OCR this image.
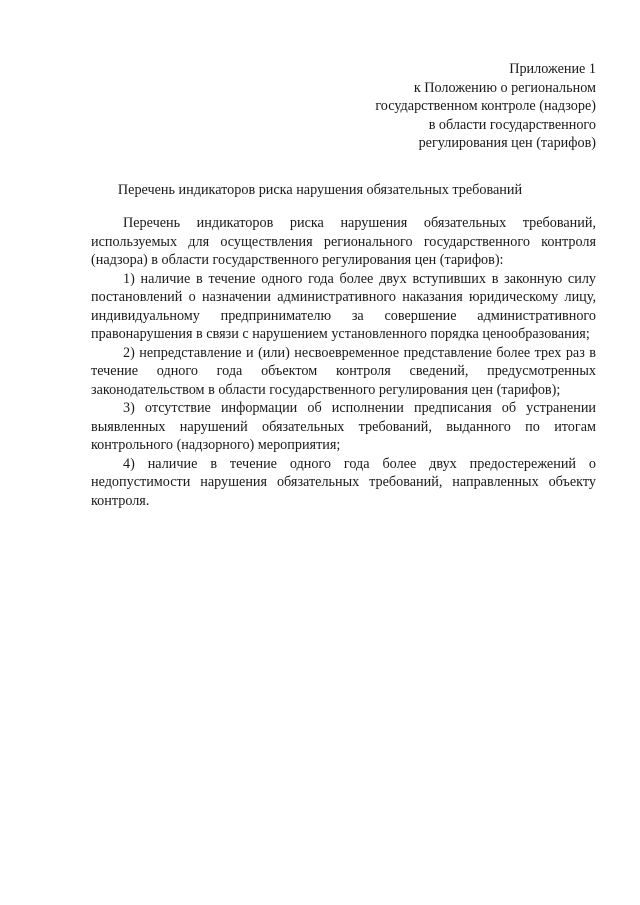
Приложение 1
к Положению о региональном
государственном контроле (надзоре)
в области государственного
регулирования цен (тарифов)
Перечень индикаторов риска нарушения обязательных требований

Перечень индикаторов риска нарушения обязательных требований, используемых для осуществления регионального государственного контроля (надзора) в области государственного регулирования цен (тарифов):

1) наличие в течение одного года более двух вступивших в законную силу постановлений о назначении административного наказания юридическому лицу, индивидуальному предпринимателю за совершение административного правонарушения в связи с нарушением установленного порядка ценообразования;

2) непредставление и (или) несвоевременное представление более трех раз в течение одного года объектом контроля сведений, предусмотренных законодательством в области государственного регулирования цен (тарифов);

3) отсутствие информации об исполнении предписания об устранении выявленных нарушений обязательных требований, выданного по итогам контрольного (надзорного) мероприятия;

4) наличие в течение одного года более двух предостережений о недопустимости нарушения обязательных требований, направленных объекту контроля.
